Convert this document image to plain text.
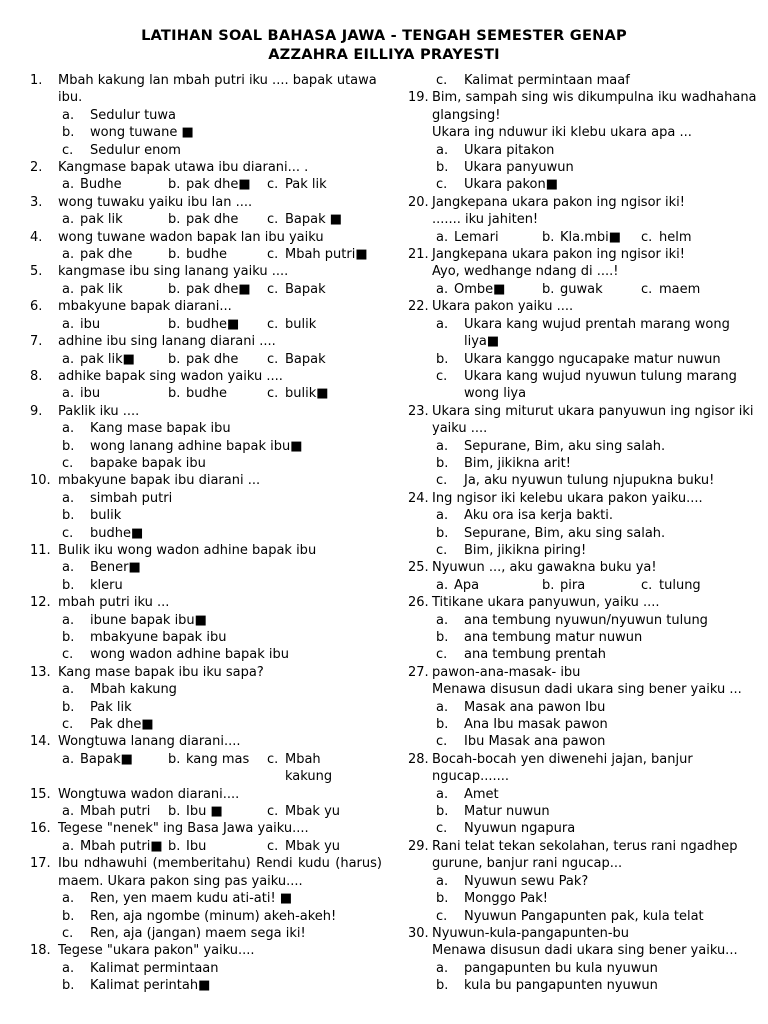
LATIHAN SOAL BAHASA JAWA - TENGAH SEMESTER GENAP
AZZAHRA EILLIYA PRAYESTI
1.	Mbah kakung lan mbah putri iku .... bapak utawa ibu.
a.	Sedulur tuwa
b.	wong tuwane ■
c.	Sedulur enom
2.	Kangmase bapak utawa ibu diarani... .
a. Budhe	b. pak dhe■ c. Pak lik
3.	wong tuwaku yaiku ibu lan ....
a. pak lik	b. pak dhe c. Bapak ■
4.	wong tuwane wadon bapak lan ibu yaiku
a. pak dhe	b. budhe	c. Mbah putri■
5.	kangmase ibu sing lanang yaiku ....
a. pak lik	b. pak dhe■ c. Bapak
6.	mbakyune bapak diarani...
a. ibu	b. budhe■ c. bulik
7.	adhine ibu sing lanang diarani ....
a. pak lik■	b. pak dhe c. Bapak
8.	adhike bapak sing wadon yaiku ....
a. ibu	b. budhe	c. bulik■
9.	Paklik iku ....
a.	Kang mase bapak ibu
b.	wong lanang adhine bapak ibu■
c.	bapake bapak ibu
10. mbakyune bapak ibu diarani ...
a.	simbah putri
b.	bulik
c.	budhe■
11. Bulik iku wong wadon adhine bapak ibu
a.	Bener■
b.	kleru
12. mbah putri iku ...
a.	ibune bapak ibu■
b.	mbakyune bapak ibu
c.	wong wadon adhine bapak ibu
13. Kang mase bapak ibu iku sapa?
a.	Mbah kakung
b.	Pak lik
c.	Pak dhe■
14. Wongtuwa lanang diarani....
a. Bapak■	b. kang mas c. Mbah kakung
15. Wongtuwa wadon diarani....
a. Mbah putri b. Ibu ■	c. Mbak yu
16. Tegese "nenek" ing Basa Jawa yaiku....
a. Mbah putri■ b. Ibu	c. Mbak yu
17. Ibu ndhawuhi (memberitahu) Rendi kudu (harus) maem. Ukara pakon sing pas yaiku....
a.	Ren, yen maem kudu ati-ati! ■
b.	Ren, aja ngombe (minum) akeh-akeh!
c.	Ren, aja (jangan) maem sega iki!
18. Tegese "ukara pakon" yaiku....
a.	Kalimat permintaan
b.	Kalimat perintah■
c.	Kalimat permintaan maaf
19. Bim, sampah sing wis dikumpulna iku wadhahana glangsing!
Ukara ing nduwur iki klebu ukara apa ...
a.	Ukara pitakon
b.	Ukara panyuwun
c.	Ukara pakon■
20. Jangkepana ukara pakon ing ngisor iki!
....... iku jahiten!
a. Lemari	b. Kla.mbi■ c. helm
21. Jangkepana ukara pakon ing ngisor iki!
Ayo, wedhange ndang di ....!
a. Ombe■	b. guwak	c. maem
22. Ukara pakon yaiku ....
a.	Ukara kang wujud prentah marang wong liya■
b.	Ukara kanggo ngucapake matur nuwun
c.	Ukara kang wujud nyuwun tulung marang wong liya
23. Ukara sing miturut ukara panyuwun ing ngisor iki yaiku ....
a.	Sepurane, Bim, aku sing salah.
b.	Bim, jikikna arit!
c.	Ja, aku nyuwun tulung njupukna buku!
24. Ing ngisor iki kelebu ukara pakon yaiku....
a.	Aku ora isa kerja bakti.
b.	Sepurane, Bim, aku sing salah.
c.	Bim, jikikna piring!
25. Nyuwun ..., aku gawakna buku ya!
a. Apa	b. pira	c. tulung
26. Titikane ukara panyuwun, yaiku ....
a.	ana tembung nyuwun/nyuwun tulung
b.	ana tembung matur nuwun
c.	ana tembung prentah
27. pawon-ana-masak- ibu
Menawa disusun dadi ukara sing bener yaiku ...
a.	Masak ana pawon Ibu
b.	Ana Ibu masak pawon
c.	Ibu Masak ana pawon
28. Bocah-bocah yen diwenehi jajan, banjur ngucap.......
a.	Amet
b.	Matur nuwun
c.	Nyuwun ngapura
29. Rani telat tekan sekolahan, terus rani ngadhep gurune, banjur rani ngucap...
a.	Nyuwun sewu Pak?
b.	Monggo Pak!
c.	Nyuwun Pangapunten pak, kula telat
30. Nyuwun-kula-pangapunten-bu
Menawa disusun dadi ukara sing bener yaiku...
a.	pangapunten bu kula nyuwun
b.	kula bu pangapunten nyuwun
